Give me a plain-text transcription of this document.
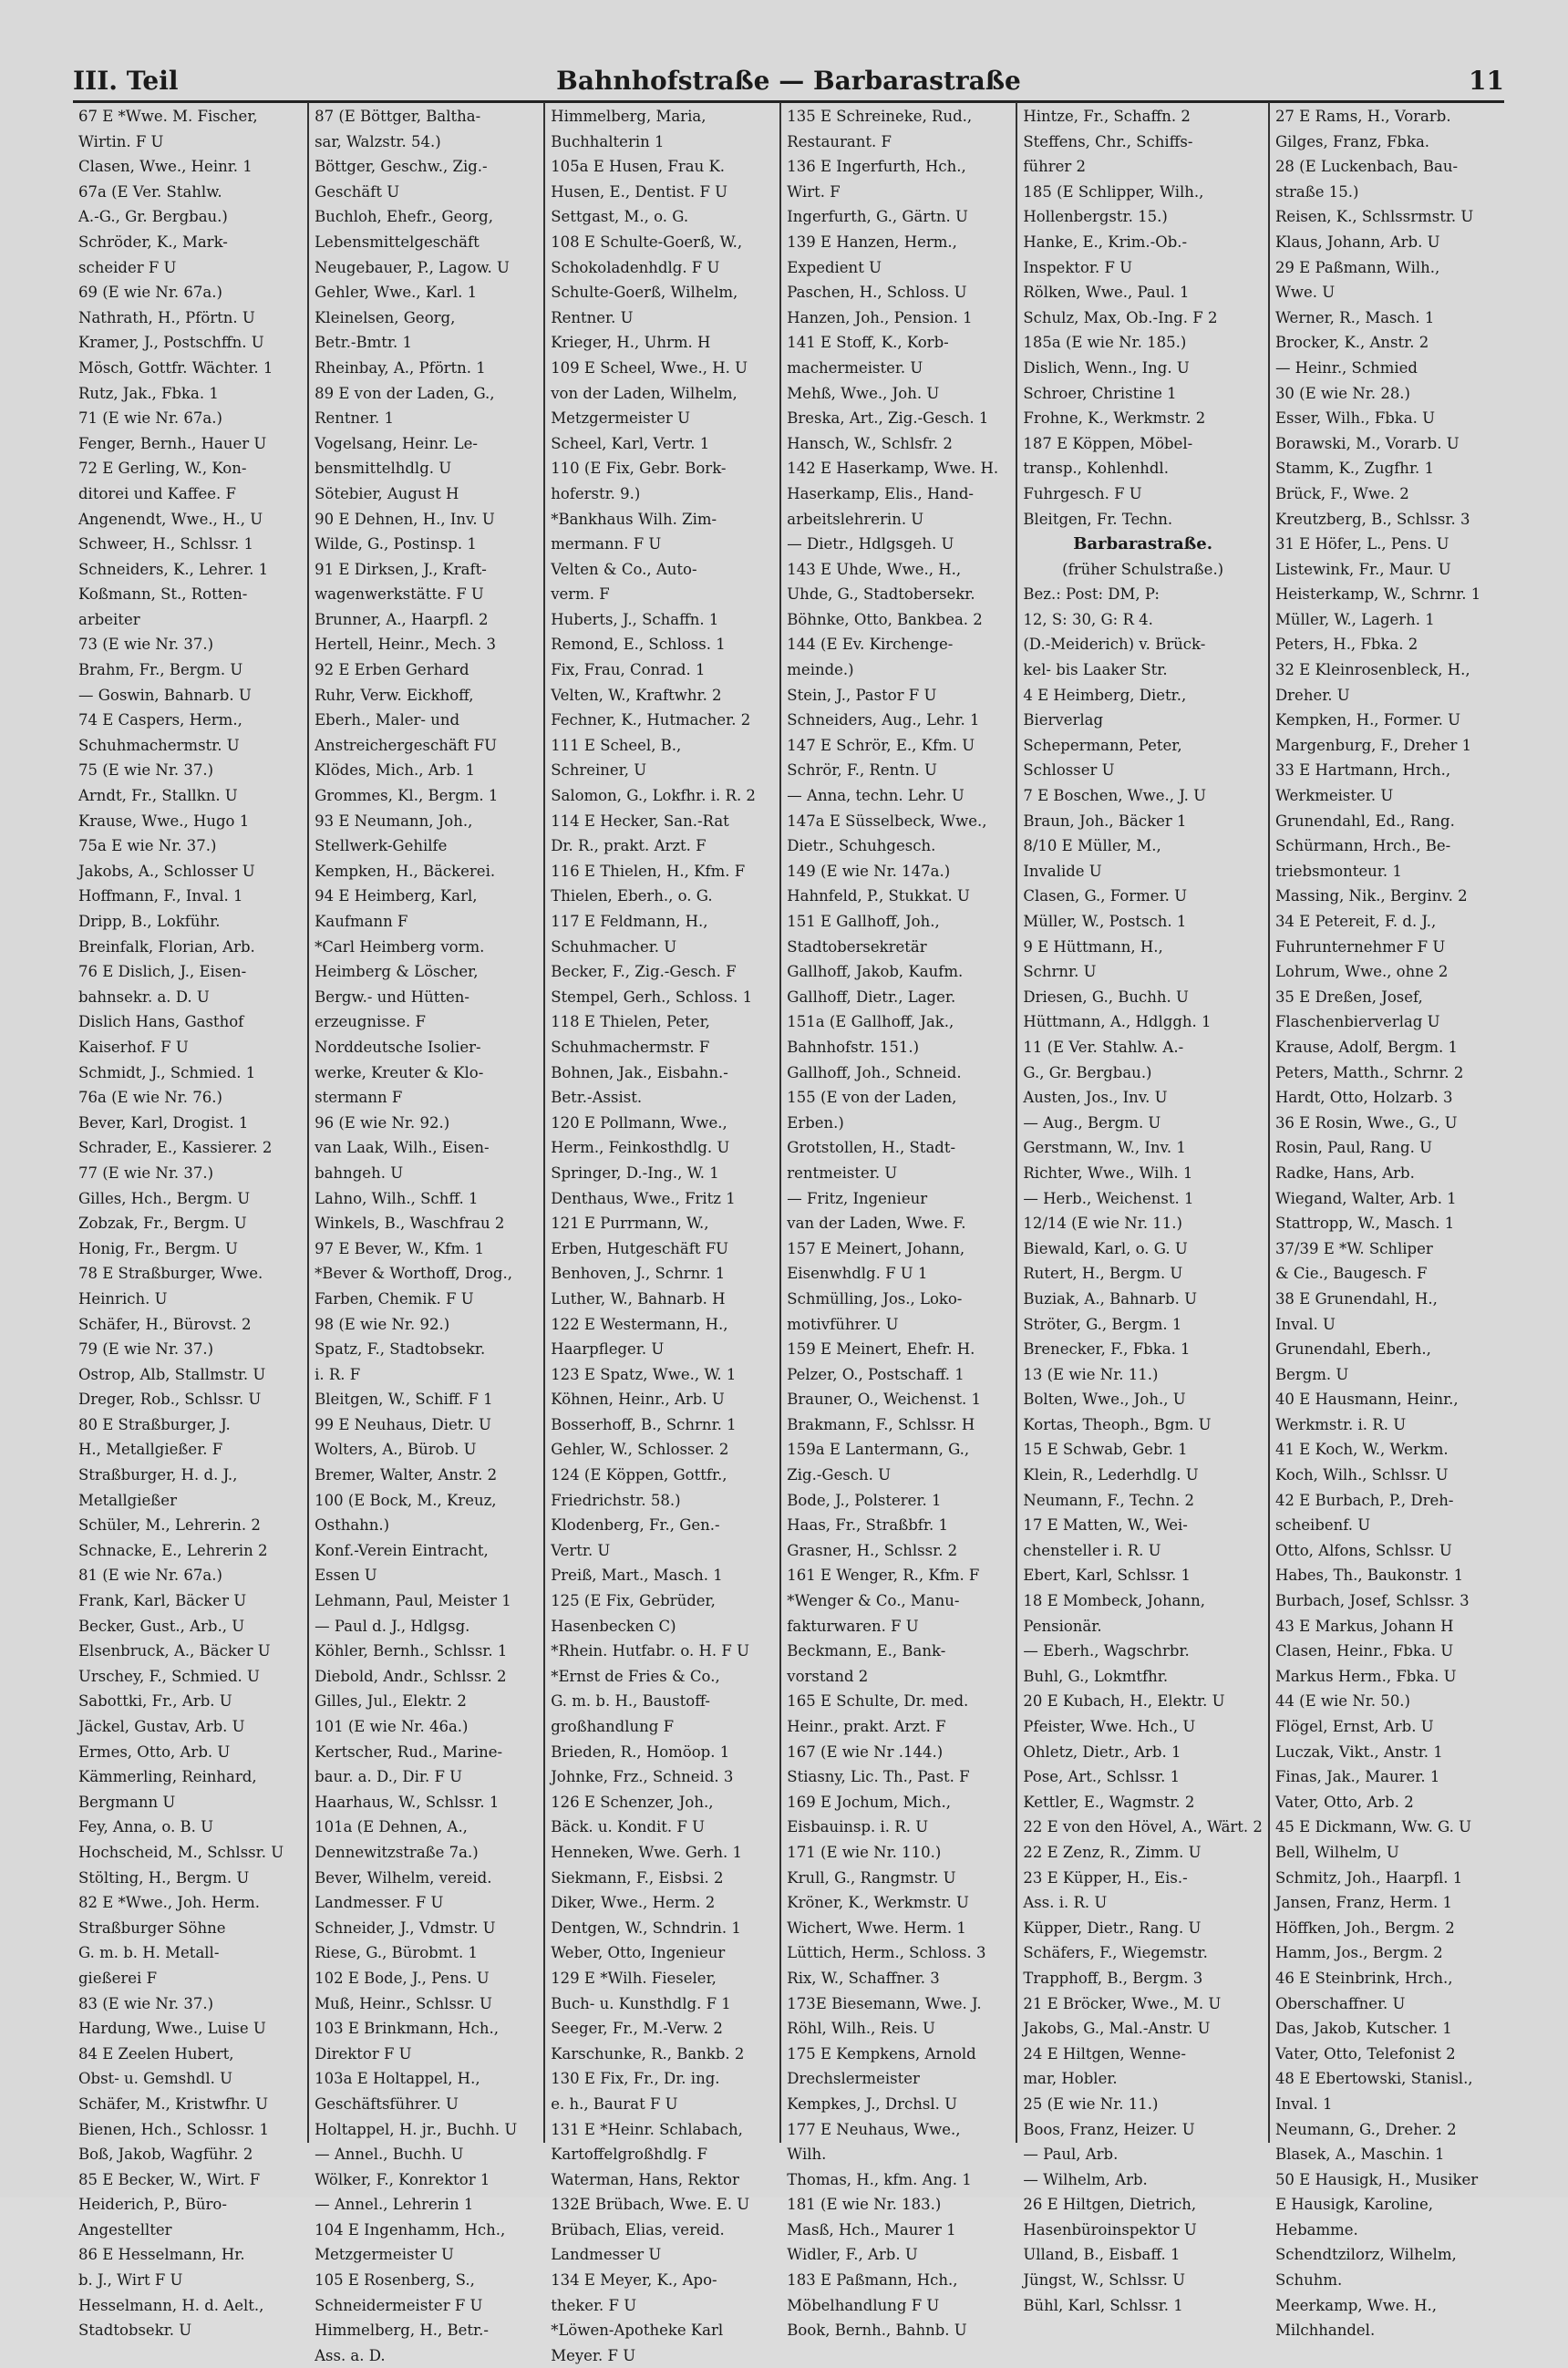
III. Teil	Bahnhofstraße — Barbarastraße	11
67 E *Wwe. M. Fischer,
Wirtin. F U
Clasen, Wwe., Heinr. 1
67a (E Ver. Stahlw.
A.-G., Gr. Bergbau.)
Schröder, K., Mark-
scheider F U
69 (E wie Nr. 67a.)
Nathrath, H., Pförtn. U
Kramer, J., Postschffn. U
Mösch, Gottfr. Wächter. 1
Rutz, Jak., Fbka. 1
71 (E wie Nr. 67a.)
Fenger, Bernh., Hauer U
72 E Gerling, W., Kon-
ditorei und Kaffee. F
Angenendt, Wwe., H., U
Schweer, H., Schlssr. 1
Schneiders, K., Lehrer. 1
Koßmann, St., Rotten-
arbeiter
73 (E wie Nr. 37.)
Brahm, Fr., Bergm. U
— Goswin, Bahnarb. U
74 E Caspers, Herm.,
Schuhmachermstr. U
75 (E wie Nr. 37.)
Arndt, Fr., Stallkn. U
Krause, Wwe., Hugo 1
75a E wie Nr. 37.)
Jakobs, A., Schlosser U
Hoffmann, F., Inval. 1
Dripp, B., Lokführ.
Breinfalk, Florian, Arb.
76 E Dislich, J., Eisen-
bahnsekr. a. D. U
Dislich Hans, Gasthof
Kaiserhof. F U
Schmidt, J., Schmied. 1
76a (E wie Nr. 76.)
Bever, Karl, Drogist. 1
Schrader, E., Kassierer. 2
77 (E wie Nr. 37.)
Gilles, Hch., Bergm. U
Zobzak, Fr., Bergm. U
Honig, Fr., Bergm. U
78 E Straßburger, Wwe.
Heinrich. U
Schäfer, H., Bürovst. 2
79 (E wie Nr. 37.)
Ostrop, Alb, Stallmstr. U
Dreger, Rob., Schlssr. U
80 E Straßburger, J.
H., Metallgießer. F
Straßburger, H. d. J.,
Metallgießer
Schüler, M., Lehrerin. 2
Schnacke, E., Lehrerin 2
81 (E wie Nr. 67a.)
Frank, Karl, Bäcker U
Becker, Gust., Arb., U
Elsenbruck, A., Bäcker U
Urschey, F., Schmied. U
Sabottki, Fr., Arb. U
Jäckel, Gustav, Arb. U
Ermes, Otto, Arb. U
Kämmerling, Reinhard,
Bergmann U
Fey, Anna, o. B. U
Hochscheid, M., Schlssr. U
Stölting, H., Bergm. U
82 E *Wwe., Joh. Herm.
Straßburger Söhne
G. m. b. H. Metall-
gießerei F
83 (E wie Nr. 37.)
Hardung, Wwe., Luise U
84 E Zeelen Hubert,
Obst- u. Gemshdl. U
Schäfer, M., Kristwfhr. U
Bienen, Hch., Schlossr. 1
Boß, Jakob, Wagführ. 2
85 E Becker, W., Wirt. F
Heiderich, P., Büro-
Angestellter
86 E Hesselmann, Hr.
b. J., Wirt F U
Hesselmann, H. d. Aelt.,
Stadtobsekr. U
87 (E Böttger, Baltha-
sar, Walzstr. 54.)
Böttger, Geschw., Zig.-
Geschäft U
Buchloh, Ehefr., Georg,
Lebensmittelgeschäft
Neugebauer, P., Lagow. U
Gehler, Wwe., Karl. 1
Kleinelsen, Georg,
Betr.-Bmtr. 1
Rheinbay, A., Pförtn. 1
89 E von der Laden, G.,
Rentner. 1
Vogelsang, Heinr. Le-
bensmittelhdlg. U
Sötebier, August H
90 E Dehnen, H., Inv. U
Wilde, G., Postinsp. 1
91 E Dirksen, J., Kraft-
wagenwerkstätte. F U
Brunner, A., Haarpfl. 2
Hertell, Heinr., Mech. 3
92 E Erben Gerhard
Ruhr, Verw. Eickhoff,
Eberh., Maler- und
Anstreichergeschäft FU
Klödes, Mich., Arb. 1
Grommes, Kl., Bergm. 1
93 E Neumann, Joh.,
Stellwerk-Gehilfe
Kempken, H., Bäckerei.
94 E Heimberg, Karl,
Kaufmann F
*Carl Heimberg vorm.
Heimberg & Löscher,
Bergw.- und Hütten-
erzeugnisse. F
Norddeutsche Isolier-
werke, Kreuter & Klo-
stermann F
96 (E wie Nr. 92.)
van Laak, Wilh., Eisen-
bahngeh. U
Lahno, Wilh., Schff. 1
Winkels, B., Waschfrau 2
97 E Bever, W., Kfm. 1
*Bever & Worthoff, Drog.,
Farben, Chemik. F U
98 (E wie Nr. 92.)
Spatz, F., Stadtobsekr.
i. R. F
Bleitgen, W., Schiff. F 1
99 E Neuhaus, Dietr. U
Wolters, A., Bürob. U
Bremer, Walter, Anstr. 2
100 (E Bock, M., Kreuz,
Osthahn.)
Konf.-Verein Eintracht,
Essen U
Lehmann, Paul, Meister 1
— Paul d. J., Hdlgsg.
Köhler, Bernh., Schlssr. 1
Diebold, Andr., Schlssr. 2
Gilles, Jul., Elektr. 2
101 (E wie Nr. 46a.)
Kertscher, Rud., Marine-
baur. a. D., Dir. F U
Haarhaus, W., Schlssr. 1
101a (E Dehnen, A.,
Dennewitzstraße 7a.)
Bever, Wilhelm, vereid.
Landmesser. F U
Schneider, J., Vdmstr. U
Riese, G., Bürobmt. 1
102 E Bode, J., Pens. U
Muß, Heinr., Schlssr. U
103 E Brinkmann, Hch.,
Direktor F U
103a E Holtappel, H.,
Geschäftsführer. U
Holtappel, H. jr., Buchh. U
— Annel., Buchh. U
Wölker, F., Konrektor 1
— Annel., Lehrerin 1
104 E Ingenhamm, Hch.,
Metzgermeister U
105 E Rosenberg, S.,
Schneidermeister F U
Himmelberg, H., Betr.-
Ass. a. D.
Himmelberg, Maria,
Buchhalterin 1
105a E Husen, Frau K.
Husen, E., Dentist. F U
Settgast, M., o. G.
108 E Schulte-Goerß, W.,
Schokoladenhdlg. F U
Schulte-Goerß, Wilhelm,
Rentner. U
Krieger, H., Uhrm. H
109 E Scheel, Wwe., H. U
von der Laden, Wilhelm,
Metzgermeister U
Scheel, Karl, Vertr. 1
110 (E Fix, Gebr. Bork-
hoferstr. 9.)
*Bankhaus Wilh. Zim-
mermann. F U
Velten & Co., Auto-
verm. F
Huberts, J., Schaffn. 1
Remond, E., Schloss. 1
Fix, Frau, Conrad. 1
Velten, W., Kraftwhr. 2
Fechner, K., Hutmacher. 2
111 E Scheel, B.,
Schreiner, U
Salomon, G., Lokfhr. i. R. 2
114 E Hecker, San.-Rat
Dr. R., prakt. Arzt. F
116 E Thielen, H., Kfm. F
Thielen, Eberh., o. G.
117 E Feldmann, H.,
Schuhmacher. U
Becker, F., Zig.-Gesch. F
Stempel, Gerh., Schloss. 1
118 E Thielen, Peter,
Schuhmachermstr. F
Bohnen, Jak., Eisbahn.-
Betr.-Assist.
120 E Pollmann, Wwe.,
Herm., Feinkosthdlg. U
Springer, D.-Ing., W. 1
Denthaus, Wwe., Fritz 1
121 E Purrmann, W.,
Erben, Hutgeschäft FU
Benhoven, J., Schrnr. 1
Luther, W., Bahnarb. H
122 E Westermann, H.,
Haarpfleger. U
123 E Spatz, Wwe., W. 1
Köhnen, Heinr., Arb. U
Bosserhoff, B., Schrnr. 1
Gehler, W., Schlosser. 2
124 (E Köppen, Gottfr.,
Friedrichstr. 58.)
Klodenberg, Fr., Gen.-
Vertr. U
Preiß, Mart., Masch. 1
125 (E Fix, Gebrüder,
Hasenbecken C)
*Rhein. Hutfabr. o. H. F U
*Ernst de Fries & Co.,
G. m. b. H., Baustoff-
großhandlung F
Brieden, R., Homöop. 1
Johnke, Frz., Schneid. 3
126 E Schenzer, Joh.,
Bäck. u. Kondit. F U
Henneken, Wwe. Gerh. 1
Siekmann, F., Eisbsi. 2
Diker, Wwe., Herm. 2
Dentgen, W., Schndrin. 1
Weber, Otto, Ingenieur
129 E *Wilh. Fieseler,
Buch- u. Kunsthdlg. F 1
Seeger, Fr., M.-Verw. 2
Karschunke, R., Bankb. 2
130 E Fix, Fr., Dr. ing.
e. h., Baurat F U
131 E *Heinr. Schlabach,
Kartoffelgroßhdlg. F
Waterman, Hans, Rektor
132E Brübach, Wwe. E. U
Brübach, Elias, vereid.
Landmesser U
134 E Meyer, K., Apo-
theker. F U
*Löwen-Apotheke Karl
Meyer. F U
135 E Schreineke, Rud.,
Restaurant. F
136 E Ingerfurth, Hch.,
Wirt. F
Ingerfurth, G., Gärtn. U
139 E Hanzen, Herm.,
Expedient U
Paschen, H., Schloss. U
Hanzen, Joh., Pension. 1
141 E Stoff, K., Korb-
machermeister. U
Mehß, Wwe., Joh. U
Breska, Art., Zig.-Gesch. 1
Hansch, W., Schlsfr. 2
142 E Haserkamp, Wwe. H.
Haserkamp, Elis., Hand-
arbeitslehrerin. U
— Dietr., Hdlgsgeh. U
143 E Uhde, Wwe., H.,
Uhde, G., Stadtobersekr.
Böhnke, Otto, Bankbea. 2
144 (E Ev. Kirchenge-
meinde.)
Stein, J., Pastor F U
Schneiders, Aug., Lehr. 1
147 E Schrör, E., Kfm. U
Schrör, F., Rentn. U
— Anna, techn. Lehr. U
147a E Süsselbeck, Wwe.,
Dietr., Schuhgesch.
149 (E wie Nr. 147a.)
Hahnfeld, P., Stukkat. U
151 E Gallhoff, Joh.,
Stadtobersekretär
Gallhoff, Jakob, Kaufm.
Gallhoff, Dietr., Lager.
151a (E Gallhoff, Jak.,
Bahnhofstr. 151.)
Gallhoff, Joh., Schneid.
155 (E von der Laden,
Erben.)
Grotstollen, H., Stadt-
rentmeister. U
— Fritz, Ingenieur
van der Laden, Wwe. F.
157 E Meinert, Johann,
Eisenwhdlg. F U 1
Schmülling, Jos., Loko-
motivführer. U
159 E Meinert, Ehefr. H.
Pelzer, O., Postschaff. 1
Brauner, O., Weichenst. 1
Brakmann, F., Schlssr. H
159a E Lantermann, G.,
Zig.-Gesch. U
Bode, J., Polsterer. 1
Haas, Fr., Straßbfr. 1
Grasner, H., Schlssr. 2
161 E Wenger, R., Kfm. F
*Wenger & Co., Manu-
fakturwaren. F U
Beckmann, E., Bank-
vorstand 2
165 E Schulte, Dr. med.
Heinr., prakt. Arzt. F
167 (E wie Nr .144.)
Stiasny, Lic. Th., Past. F
169 E Jochum, Mich.,
Eisbauinsp. i. R. U
171 (E wie Nr. 110.)
Krull, G., Rangmstr. U
Kröner, K., Werkmstr. U
Wichert, Wwe. Herm. 1
Lüttich, Herm., Schloss. 3
Rix, W., Schaffner. 3
173E Biesemann, Wwe. J.
Röhl, Wilh., Reis. U
175 E Kempkens, Arnold
Drechslermeister
Kempkes, J., Drchsl. U
177 E Neuhaus, Wwe.,
Wilh.
Thomas, H., kfm. Ang. 1
181 (E wie Nr. 183.)
Masß, Hch., Maurer 1
Widler, F., Arb. U
183 E Paßmann, Hch.,
Möbelhandlung F U
Book, Bernh., Bahnb. U
Hintze, Fr., Schaffn. 2
Steffens, Chr., Schiffs-
führer 2
185 (E Schlipper, Wilh.,
Hollenbergstr. 15.)
Hanke, E., Krim.-Ob.-
Inspektor. F U
Rölken, Wwe., Paul. 1
Schulz, Max, Ob.-Ing. F 2
185a (E wie Nr. 185.)
Dislich, Wenn., Ing. U
Schroer, Christine 1
Frohne, K., Werkmstr. 2
187 E Köppen, Möbel-
transp., Kohlenhdl.
Fuhrgesch. F U
Bleitgen, Fr. Techn.
Barbarastraße.
(früher Schulstraße.)
Bez.: Post: DM, P:
12, S: 30, G: R 4.
(D.-Meiderich) v. Brück-
kel- bis Laaker Str.
4 E Heimberg, Dietr.,
Bierverlag
Schepermann, Peter,
Schlosser U
7 E Boschen, Wwe., J. U
Braun, Joh., Bäcker 1
8/10 E Müller, M.,
Invalide U
Clasen, G., Former. U
Müller, W., Postsch. 1
9 E Hüttmann, H.,
Schrnr. U
Driesen, G., Buchh. U
Hüttmann, A., Hdlggh. 1
11 (E Ver. Stahlw. A.-
G., Gr. Bergbau.)
Austen, Jos., Inv. U
— Aug., Bergm. U
Gerstmann, W., Inv. 1
Richter, Wwe., Wilh. 1
— Herb., Weichenst. 1
12/14 (E wie Nr. 11.)
Biewald, Karl, o. G. U
Rutert, H., Bergm. U
Buziak, A., Bahnarb. U
Ströter, G., Bergm. 1
Brenecker, F., Fbka. 1
13 (E wie Nr. 11.)
Bolten, Wwe., Joh., U
Kortas, Theoph., Bgm. U
15 E Schwab, Gebr. 1
Klein, R., Lederhdlg. U
Neumann, F., Techn. 2
17 E Matten, W., Wei-
chensteller i. R. U
Ebert, Karl, Schlssr. 1
18 E Mombeck, Johann,
Pensionär.
— Eberh., Wagschrbr.
Buhl, G., Lokmtfhr.
20 E Kubach, H., Elektr. U
Pfeister, Wwe. Hch., U
Ohletz, Dietr., Arb. 1
Pose, Art., Schlssr. 1
Kettler, E., Wagmstr. 2
22 E von den Hövel, A., Wärt. 2
22 E Zenz, R., Zimm. U
23 E Küpper, H., Eis.-
Ass. i. R. U
Küpper, Dietr., Rang. U
Schäfers, F., Wiegemstr.
Trapphoff, B., Bergm. 3
21 E Bröcker, Wwe., M. U
Jakobs, G., Mal.-Anstr. U
24 E Hiltgen, Wenne-
mar, Hobler.
25 (E wie Nr. 11.)
Boos, Franz, Heizer. U
— Paul, Arb.
— Wilhelm, Arb.
26 E Hiltgen, Dietrich,
Hasenbüroinspektor U
Ulland, B., Eisbaff. 1
Jüngst, W., Schlssr. U
Bühl, Karl, Schlssr. 1
27 E Rams, H., Vorarb.
Gilges, Franz, Fbka.
28 (E Luckenbach, Bau-
straße 15.)
Reisen, K., Schlssrmstr. U
Klaus, Johann, Arb. U
29 E Paßmann, Wilh.,
Wwe. U
Werner, R., Masch. 1
Brocker, K., Anstr. 2
— Heinr., Schmied
30 (E wie Nr. 28.)
Esser, Wilh., Fbka. U
Borawski, M., Vorarb. U
Stamm, K., Zugfhr. 1
Brück, F., Wwe. 2
Kreutzberg, B., Schlssr. 3
31 E Höfer, L., Pens. U
Listewink, Fr., Maur. U
Heisterkamp, W., Schrnr. 1
Müller, W., Lagerh. 1
Peters, H., Fbka. 2
32 E Kleinrosenbleck, H.,
Dreher. U
Kempken, H., Former. U
Margenburg, F., Dreher 1
33 E Hartmann, Hrch.,
Werkmeister. U
Grunendahl, Ed., Rang.
Schürmann, Hrch., Be-
triebsmonteur. 1
Massing, Nik., Berginv. 2
34 E Petereit, F. d. J.,
Fuhrunternehmer F U
Lohrum, Wwe., ohne 2
35 E Dreßen, Josef,
Flaschenbierverlag U
Krause, Adolf, Bergm. 1
Peters, Matth., Schrnr. 2
Hardt, Otto, Holzarb. 3
36 E Rosin, Wwe., G., U
Rosin, Paul, Rang. U
Radke, Hans, Arb.
Wiegand, Walter, Arb. 1
Stattropp, W., Masch. 1
37/39 E *W. Schliper
& Cie., Baugesch. F
38 E Grunendahl, H.,
Inval. U
Grunendahl, Eberh.,
Bergm. U
40 E Hausmann, Heinr.,
Werkmstr. i. R. U
41 E Koch, W., Werkm.
Koch, Wilh., Schlssr. U
42 E Burbach, P., Dreh-
scheibenf. U
Otto, Alfons, Schlssr. U
Habes, Th., Baukonstr. 1
Burbach, Josef, Schlssr. 3
43 E Markus, Johann H
Clasen, Heinr., Fbka. U
Markus Herm., Fbka. U
44 (E wie Nr. 50.)
Flögel, Ernst, Arb. U
Luczak, Vikt., Anstr. 1
Finas, Jak., Maurer. 1
Vater, Otto, Arb. 2
45 E Dickmann, Ww. G. U
Bell, Wilhelm, U
Schmitz, Joh., Haarpfl. 1
Jansen, Franz, Herm. 1
Höffken, Joh., Bergm. 2
Hamm, Jos., Bergm. 2
46 E Steinbrink, Hrch.,
Oberschaffner. U
Das, Jakob, Kutscher. 1
Vater, Otto, Telefonist 2
48 E Ebertowski, Stanisl.,
Inval. 1
Neumann, G., Dreher. 2
Blasek, A., Maschin. 1
50 E Hausigk, H., Musiker
E Hausigk, Karoline,
Hebamme.
Schendtzilorz, Wilhelm,
Schuhm.
Meerkamp, Wwe. H.,
Milchhandel.
